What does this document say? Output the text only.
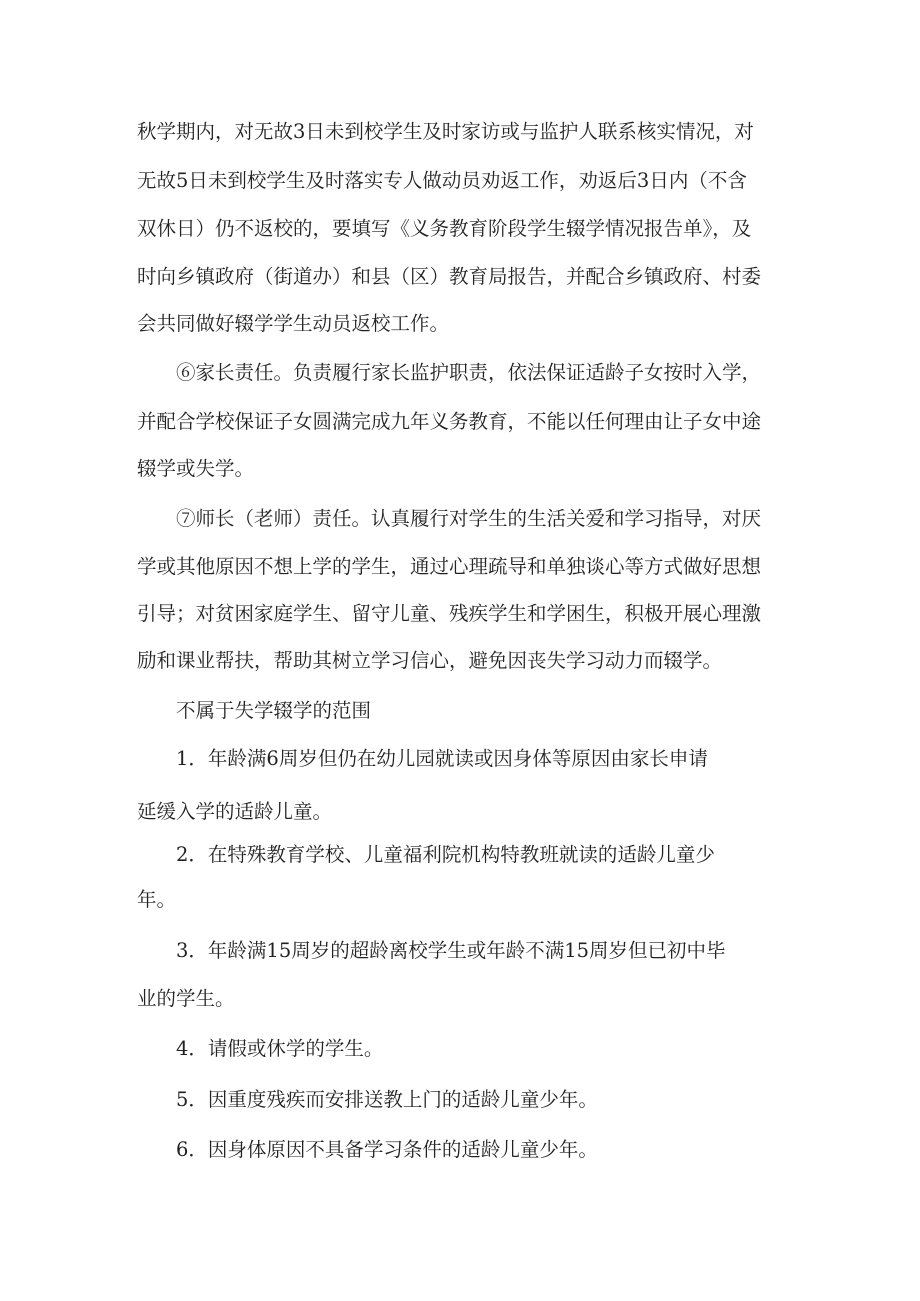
秋学期内，对无故3日未到校学生及时家访或与监护人联系核实情况，对

无故5日未到校学生及时落实专人做动员劝返工作，劝返后3日内（不含

双休日）仍不返校的，要填写《义务教育阶段学生辍学情况报告单》，及

时向乡镇政府（街道办）和县（区）教育局报告，并配合乡镇政府、村委

会共同做好辍学学生动员返校工作。

⑥家长责任。负责履行家长监护职责，依法保证适龄子女按时入学，

并配合学校保证子女圆满完成九年义务教育，不能以任何理由让子女中途

辍学或失学。

⑦师长（老师）责任。认真履行对学生的生活关爱和学习指导，对厌

学或其他原因不想上学的学生，通过心理疏导和单独谈心等方式做好思想

引导；对贫困家庭学生、留守儿童、残疾学生和学困生，积极开展心理激

励和课业帮扶，帮助其树立学习信心，避免因丧失学习动力而辍学。

不属于失学辍学的范围

1．年龄满6周岁但仍在幼儿园就读或因身体等原因由家长申请

延缓入学的适龄儿童。

2．在特殊教育学校、儿童福利院机构特教班就读的适龄儿童少

年。

3．年龄满15周岁的超龄离校学生或年龄不满15周岁但已初中毕

业的学生。

4．请假或休学的学生。

5．因重度残疾而安排送教上门的适龄儿童少年。

6．因身体原因不具备学习条件的适龄儿童少年。
